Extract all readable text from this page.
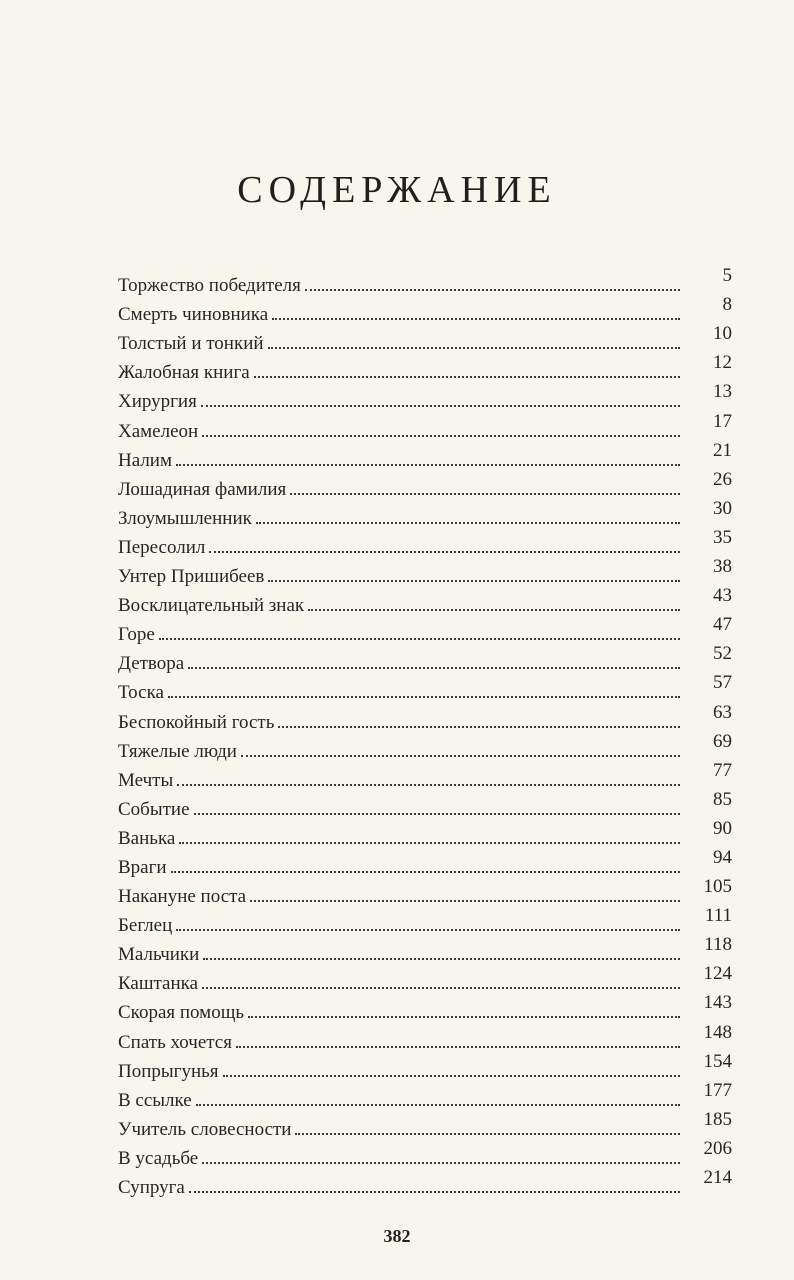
СОДЕРЖАНИЕ
Торжество победителя	5
Смерть чиновника	8
Толстый и тонкий	10
Жалобная книга	12
Хирургия	13
Хамелеон	17
Налим	21
Лошадиная фамилия	26
Злоумышленник	30
Пересолил	35
Унтер Пришибеев	38
Восклицательный знак	43
Горе	47
Детвора	52
Тоска	57
Беспокойный гость	63
Тяжелые люди	69
Мечты	77
Событие	85
Ванька	90
Враги	94
Накануне поста	105
Беглец	111
Мальчики	118
Каштанка	124
Скорая помощь	143
Спать хочется	148
Попрыгунья	154
В ссылке	177
Учитель словесности	185
В усадьбе	206
Супруга	214
382
